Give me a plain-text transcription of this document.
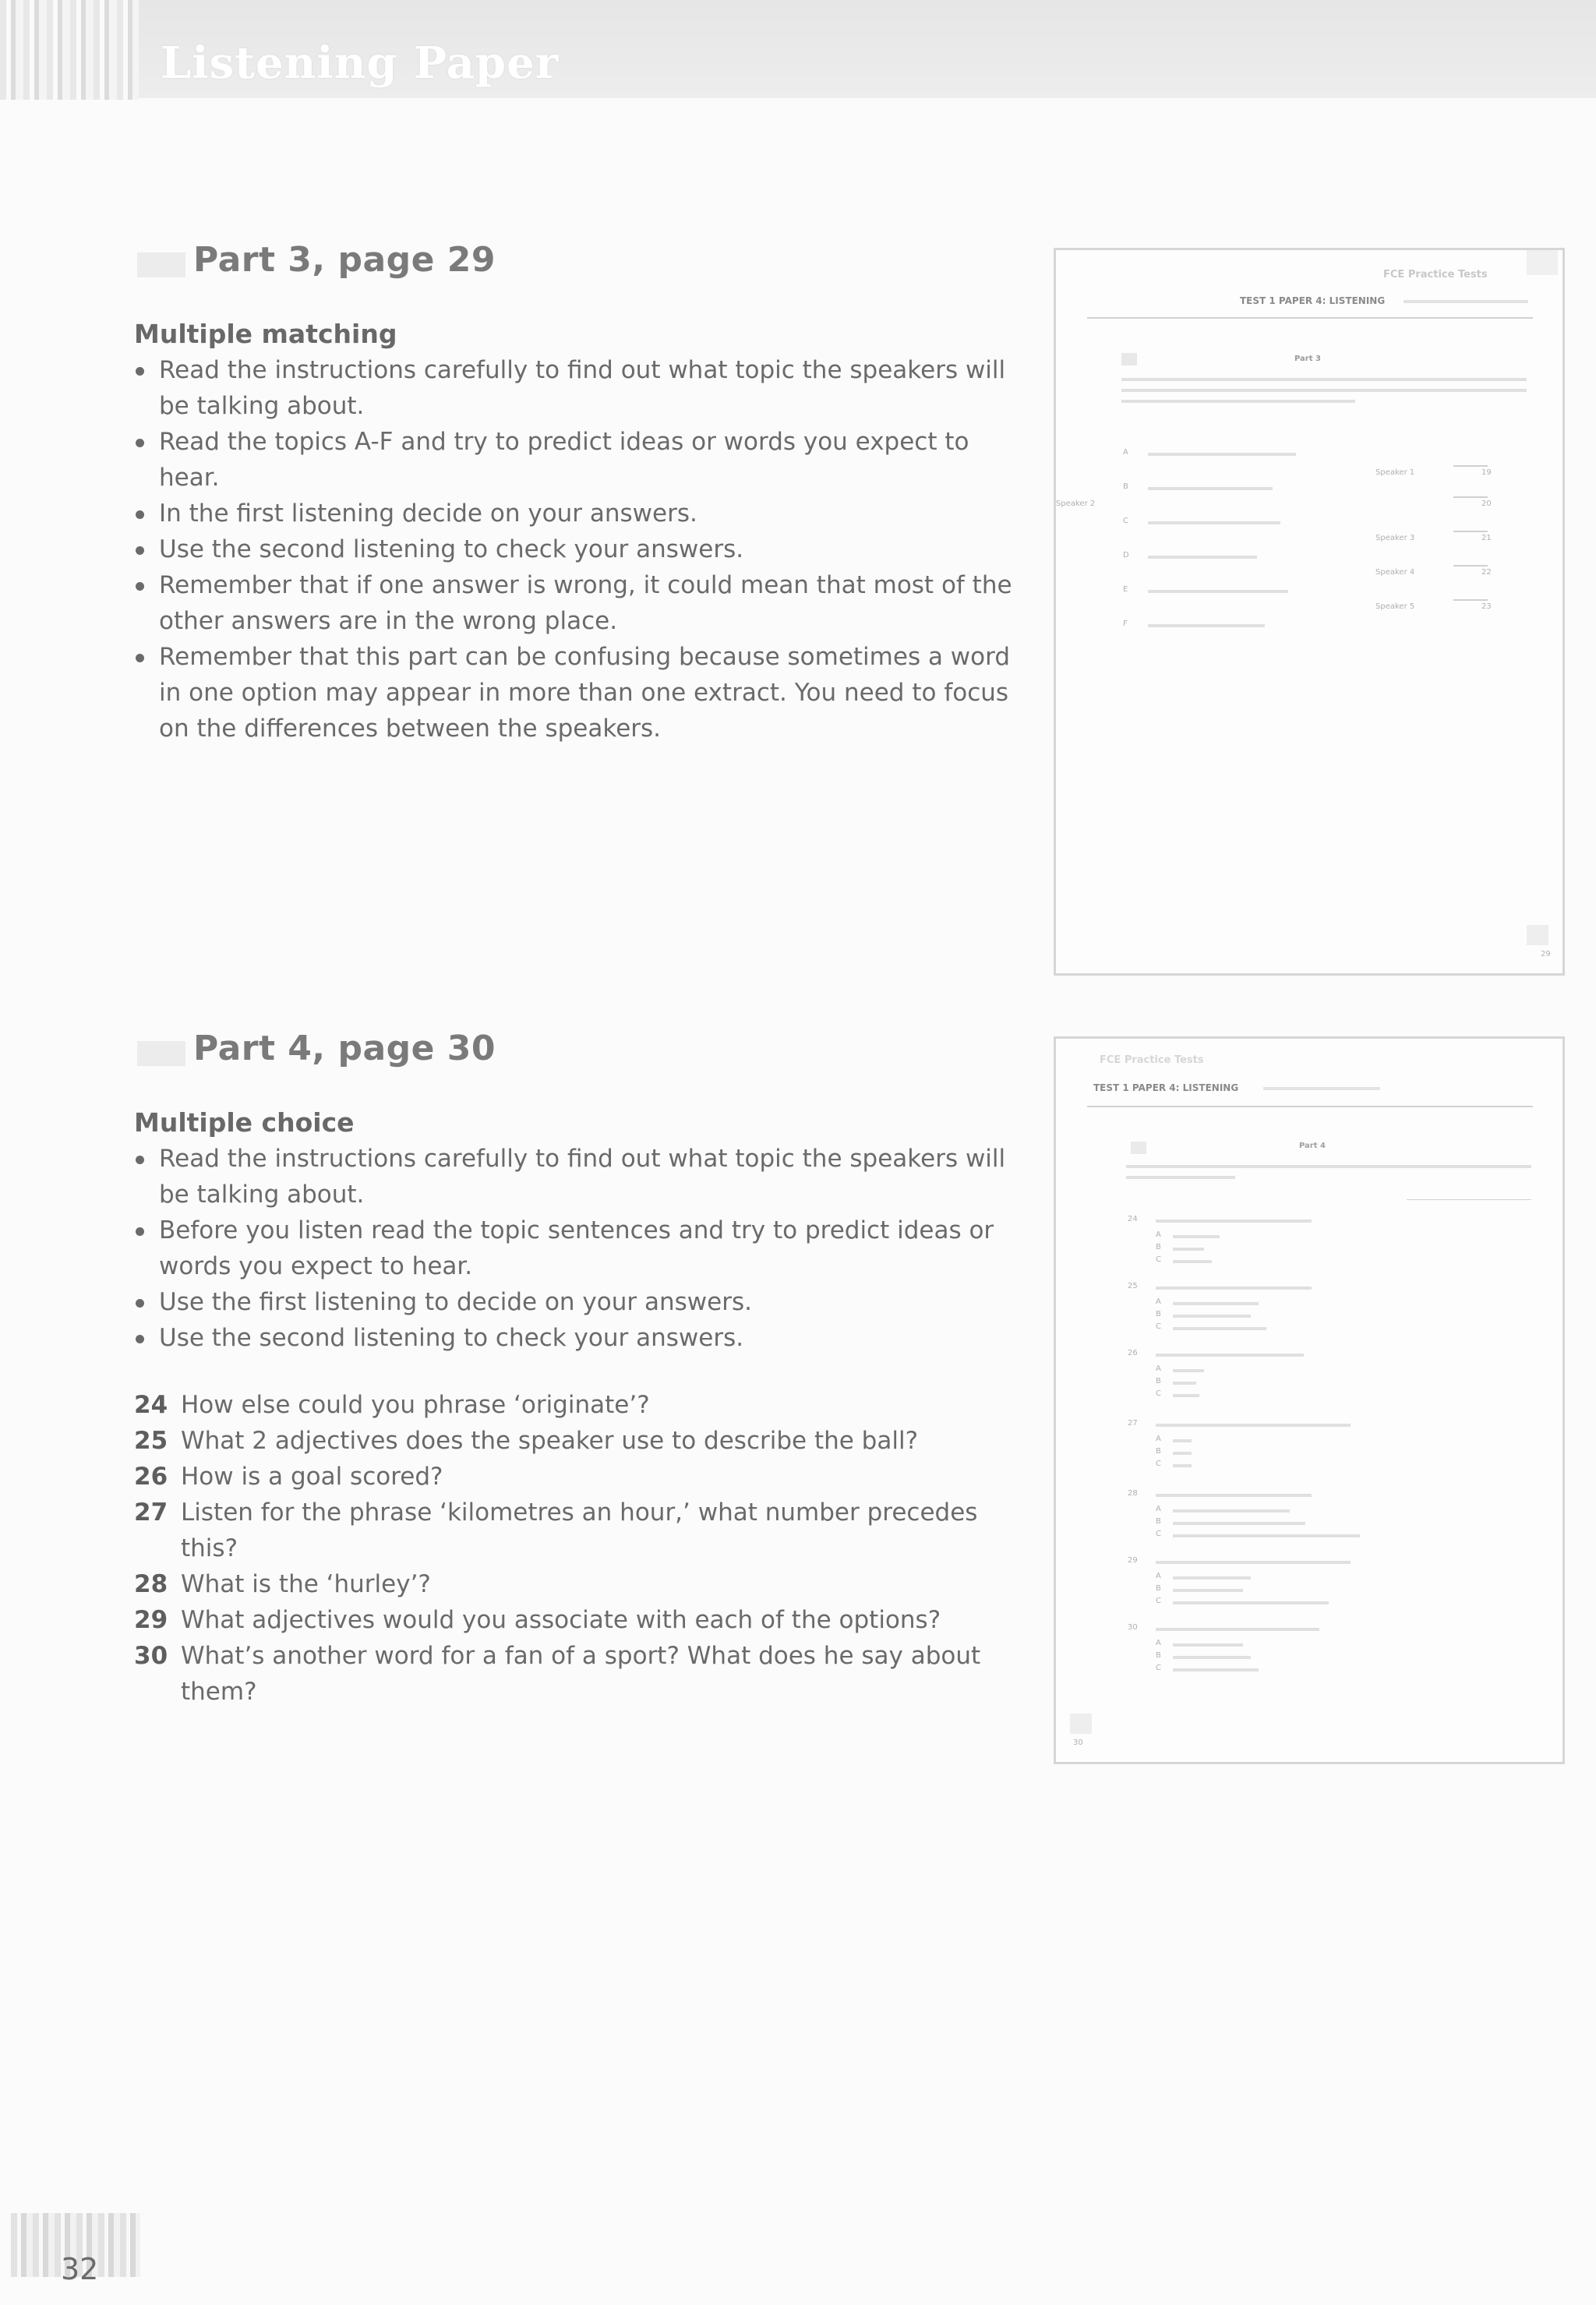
Listening Paper
Part 3, page 29
Multiple matching
Read the instructions carefully to find out what topic the speakers will be talking about.
Read the topics A-F and try to predict ideas or words you expect to hear.
In the first listening decide on your answers.
Use the second listening to check your answers.
Remember that if one answer is wrong, it could mean that most of the other answers are in the wrong place.
Remember that this part can be confusing because sometimes a word in one option may appear in more than one extract. You need to focus on the differences between the speakers.
Part 4, page 30
Multiple choice
Read the instructions carefully to find out what topic the speakers will be talking about.
Before you listen read the topic sentences and try to predict ideas or words you expect to hear.
Use the first listening to decide on your answers.
Use the second listening to check your answers.
24 How else could you phrase ‘originate’?
25 What 2 adjectives does the speaker use to describe the ball?
26 How is a goal scored?
27 Listen for the phrase ‘kilometres an hour,’ what number precedes this?
28 What is the ‘hurley’?
29 What adjectives would you associate with each of the options?
30 What’s another word for a fan of a sport? What does he say about them?
FCE Practice Tests
TEST 1 PAPER 4: LISTENING
Part 3
A
B
C
D
E
F
Speaker 1	19
Speaker 2	20
Speaker 3	21
Speaker 4	22
Speaker 5	23
29
FCE Practice Tests
TEST 1 PAPER 4: LISTENING
Part 4
24
A
B
C
25
A
B
C
26
A
B
C
27
A
B
C
28
A
B
C
29
A
B
C
30
A
B
C
30
32
